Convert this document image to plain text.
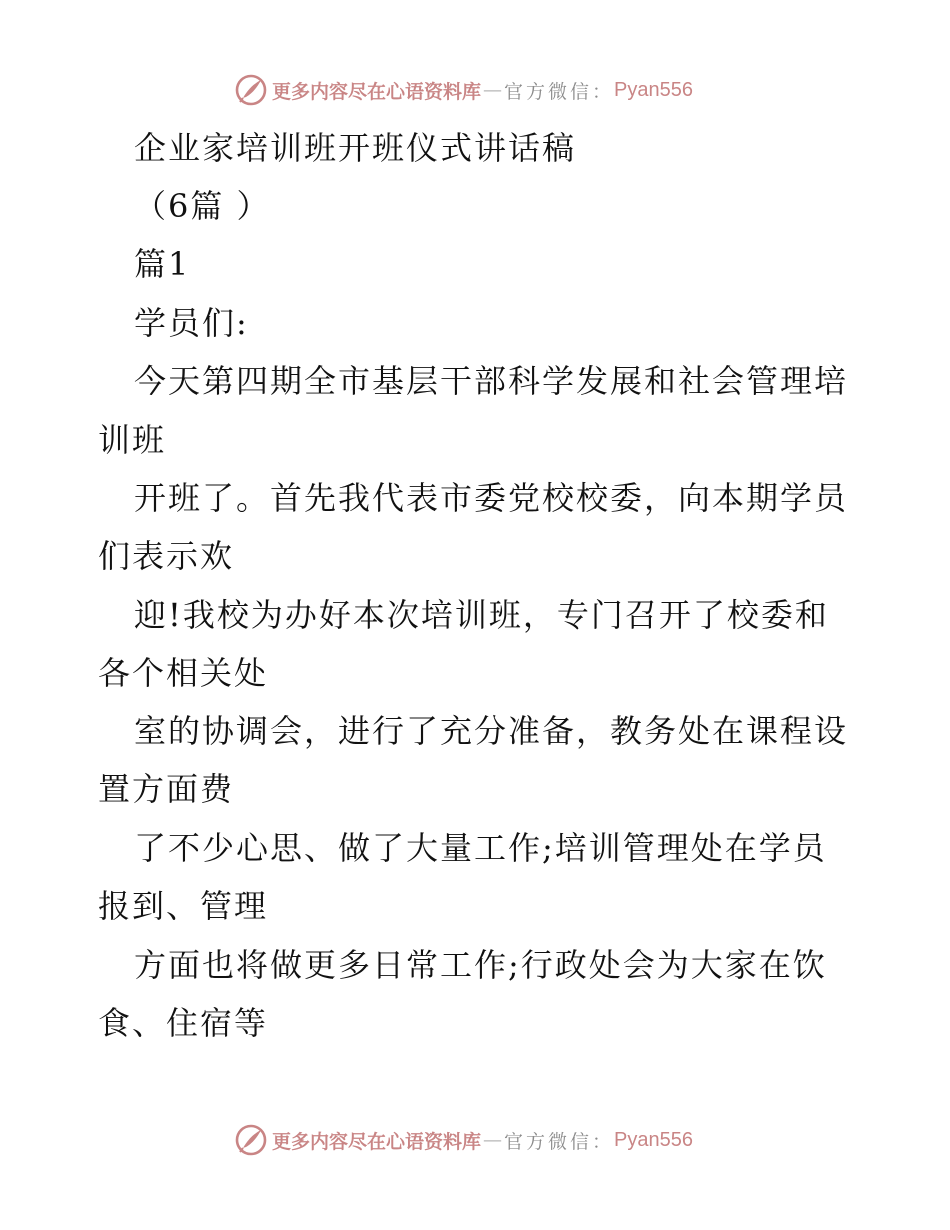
更多内容尽在心语资料库 — 官方微信： Pyan556
企业家培训班开班仪式讲话稿
（6篇 ）
篇1
学员们:
今天第四期全市基层干部科学发展和社会管理培
训班
开班了。首先我代表市委党校校委，向本期学员
们表示欢
迎!我校为办好本次培训班，专门召开了校委和
各个相关处
室的协调会，进行了充分准备，教务处在课程设
置方面费
了不少心思、做了大量工作;培训管理处在学员
报到、管理
方面也将做更多日常工作;行政处会为大家在饮
食、住宿等
更多内容尽在心语资料库 — 官方微信： Pyan556
